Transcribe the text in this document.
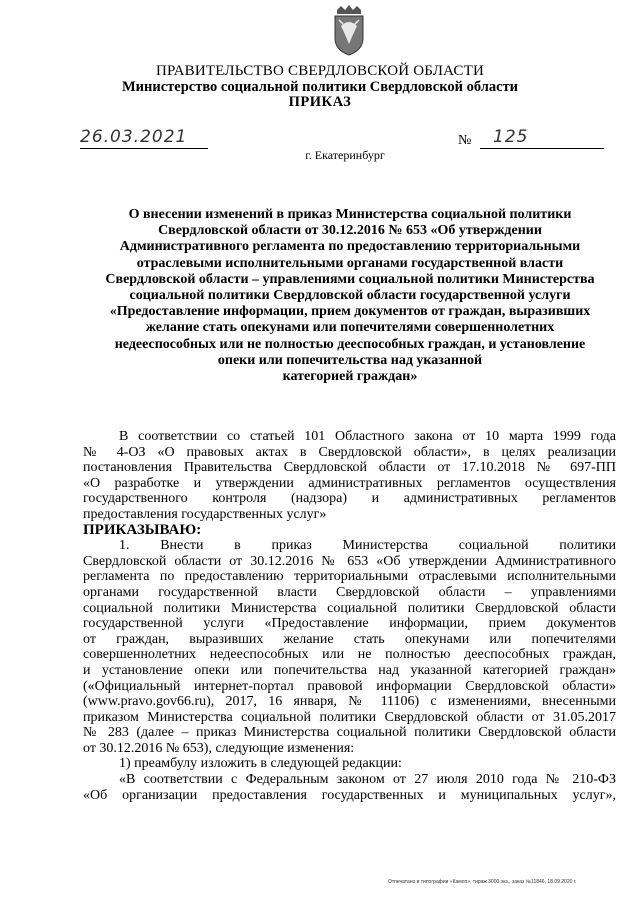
ПРАВИТЕЛЬСТВО СВЕРДЛОВСКОЙ ОБЛАСТИ
Министерство социальной политики Свердловской области
ПРИКАЗ
26.03.2021	№ 125
г. Екатеринбург
О внесении изменений в приказ Министерства социальной политики
Свердловской области от 30.12.2016 № 653 «Об утверждении
Административного регламента по предоставлению территориальными
отраслевыми исполнительными органами государственной власти
Свердловской области – управлениями социальной политики Министерства
социальной политики Свердловской области государственной услуги
«Предоставление информации, прием документов от граждан, выразивших
желание стать опекунами или попечителями совершеннолетних
недееспособных или не полностью дееспособных граждан, и установление
опеки или попечительства над указанной
категорией граждан»
В соответствии со статьей 101 Областного закона от 10 марта 1999 года
№ 4-ОЗ «О правовых актах в Свердловской области», в целях реализации
постановления Правительства Свердловской области от 17.10.2018 № 697-ПП
«О разработке и утверждении административных регламентов осуществления
государственного контроля (надзора) и административных регламентов
предоставления государственных услуг»
ПРИКАЗЫВАЮ:
1. Внести в приказ Министерства социальной политики
Свердловской области от 30.12.2016 № 653 «Об утверждении Административного
регламента по предоставлению территориальными отраслевыми исполнительными
органами государственной власти Свердловской области – управлениями
социальной политики Министерства социальной политики Свердловской области
государственной услуги «Предоставление информации, прием документов
от граждан, выразивших желание стать опекунами или попечителями
совершеннолетних недееспособных или не полностью дееспособных граждан,
и установление опеки или попечительства над указанной категорией граждан»
(«Официальный интернет-портал правовой информации Свердловской области»
(www.pravo.gov66.ru), 2017, 16 января, № 11106) с изменениями, внесенными
приказом Министерства социальной политики Свердловской области от 31.05.2017
№ 283 (далее – приказ Министерства социальной политики Свердловской области
от 30.12.2016 № 653), следующие изменения:
1) преамбулу изложить в следующей редакции:
«В соответствии с Федеральным законом от 27 июля 2010 года № 210-ФЗ
«Об организации предоставления государственных и муниципальных услуг»,
Отпечатано в типографии «Камоп», тираж 3000 экз., заказ №11846, 18.09.2020 г.
